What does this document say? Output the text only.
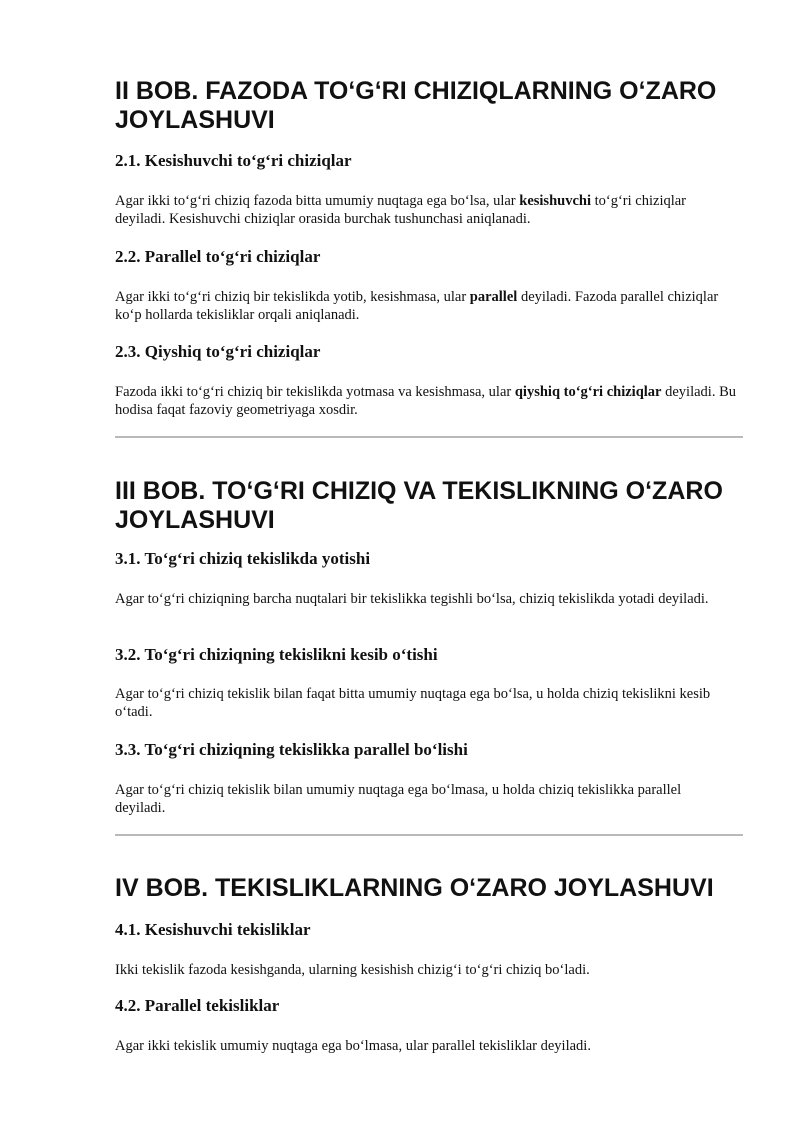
II BOB. FAZODA TO‘G‘RI CHIZIQLARNING O‘ZARO JOYLASHUVI
2.1. Kesishuvchi to‘g‘ri chiziqlar

Agar ikki to‘g‘ri chiziq fazoda bitta umumiy nuqtaga ega bo‘lsa, ular kesishuvchi to‘g‘ri chiziqlar deyiladi. Kesishuvchi chiziqlar orasida burchak tushunchasi aniqlanadi.

2.2. Parallel to‘g‘ri chiziqlar

Agar ikki to‘g‘ri chiziq bir tekislikda yotib, kesishmasa, ular parallel deyiladi. Fazoda parallel chiziqlar ko‘p hollarda tekisliklar orqali aniqlanadi.

2.3. Qiyshiq to‘g‘ri chiziqlar

Fazoda ikki to‘g‘ri chiziq bir tekislikda yotmasa va kesishmasa, ular qiyshiq to‘g‘ri chiziqlar deyiladi. Bu hodisa faqat fazoviy geometriyaga xosdir.

III BOB. TO‘G‘RI CHIZIQ VA TEKISLIKNING O‘ZARO JOYLASHUVI
3.1. To‘g‘ri chiziq tekislikda yotishi

Agar to‘g‘ri chiziqning barcha nuqtalari bir tekislikka tegishli bo‘lsa, chiziq tekislikda yotadi deyiladi.

3.2. To‘g‘ri chiziqning tekislikni kesib o‘tishi

Agar to‘g‘ri chiziq tekislik bilan faqat bitta umumiy nuqtaga ega bo‘lsa, u holda chiziq tekislikni kesib o‘tadi.

3.3. To‘g‘ri chiziqning tekislikka parallel bo‘lishi

Agar to‘g‘ri chiziq tekislik bilan umumiy nuqtaga ega bo‘lmasa, u holda chiziq tekislikka parallel deyiladi.

IV BOB. TEKISLIKLARNING O‘ZARO JOYLASHUVI
4.1. Kesishuvchi tekisliklar

Ikki tekislik fazoda kesishganda, ularning kesishish chizig‘i to‘g‘ri chiziq bo‘ladi.

4.2. Parallel tekisliklar

Agar ikki tekislik umumiy nuqtaga ega bo‘lmasa, ular parallel tekisliklar deyiladi.
